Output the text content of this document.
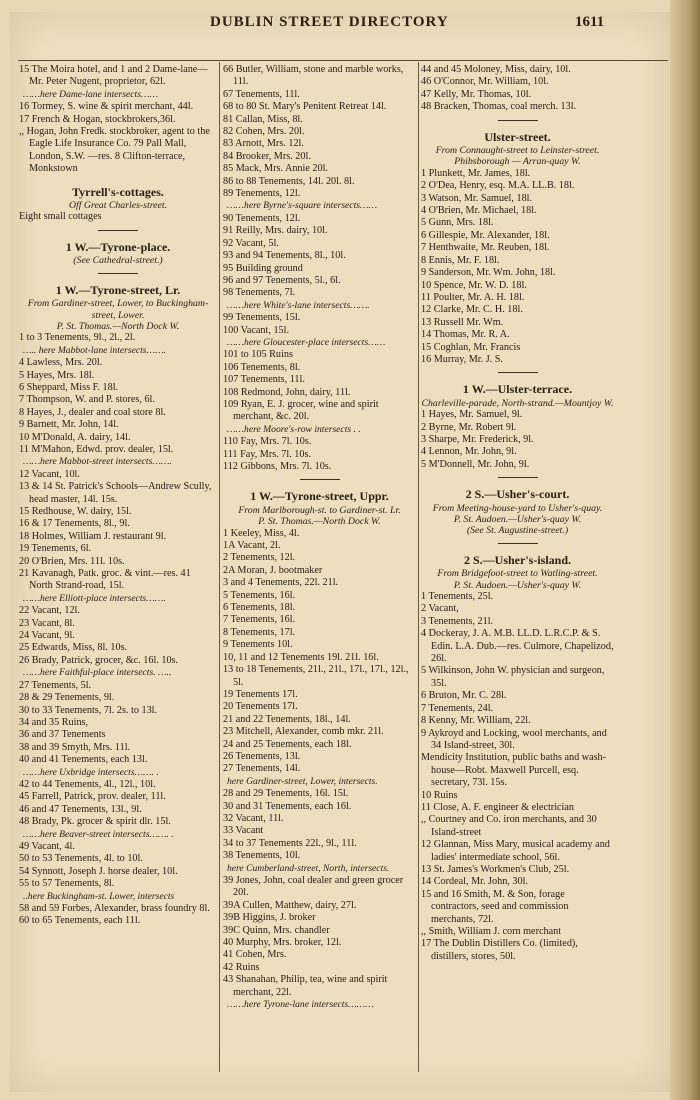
DUBLIN STREET DIRECTORY	1611
15 The Moira hotel, and 1 and 2 Dame-lane—Mr. Peter Nugent, proprietor, 62l.
……here Dame-lane intersects……
16 Tormey, S. wine & spirit merchant, 44l.
17 French & Hogan, stockbrokers,36l.
,, Hogan, John Fredk. stockbroker, agent to the Eagle Life Insurance Co. 79 Pall Mall, London, S.W. —res. 8 Clifton-terrace, Monkstown
Tyrrell's-cottages.
Off Great Charles-street.
Eight small cottages
1 W.—Tyrone-place.
(See Cathedral-street.)
1 W.—Tyrone-street, Lr.
From Gardiner-street, Lower, to Buckingham-street, Lower.
P. St. Thomas.—North Dock W.
1 to 3 Tenements, 9l., 2l., 2l.
….. here Mabbot-lane intersects…….
4 Lawless, Mrs. 20l.
5 Hayes, Mrs. 18l.
6 Sheppard, Miss F. 18l.
7 Thompson, W. and P. stores, 6l.
8 Hayes, J., dealer and coal store 8l.
9 Barnett, Mr. John, 14l.
10 M'Donald, A. dairy, 14l.
11 M'Mahon, Edwd. prov. dealer, 15l.
……here Mabbot-street intersects…….
12 Vacant, 10l.
13 & 14 St. Patrick's Schools—Andrew Scully, head master, 14l. 15s.
15 Redhouse, W. dairy, 15l.
16 & 17 Tenements, 8l., 9l.
18 Holmes, William J. restaurant 9l.
19 Tenements, 6l.
20 O'Brien, Mrs. 11l. 10s.
21 Kavanagh, Patk. groc. & vint.—res. 41 North Strand-road, 15l.
……here Elliott-place intersects…….
22 Vacant, 12l.
23 Vacant, 8l.
24 Vacant, 9l.
25 Edwards, Miss, 8l. 10s.
26 Brady, Patrick, grocer, &c. 16l. 10s.
……here Faithful-place intersects. …..
27 Tenements, 5l.
28 & 29 Tenements, 9l.
30 to 33 Tenements, 7l. 2s. to 13l.
34 and 35 Ruins,
36 and 37 Tenements
38 and 39 Smyth, Mrs. 11l.
40 and 41 Tenements, each 13l.
……here Uxbridge intersects……. .
42 to 44 Tenements, 4l., 12l., 10l.
45 Farrell, Patrick, prov. dealer, 11l.
46 and 47 Tenements, 13l., 9l.
48 Brady, Pk. grocer & spirit dlr. 15l.
……here Beaver-street intersects……. .
49 Vacant, 4l.
50 to 53 Tenements, 4l. to 10l.
54 Synnott, Joseph J. horse dealer, 10l.
55 to 57 Tenements, 8l.
..here Buckingham-st. Lower, intersects
58 and 59 Forbes, Alexander, brass foundry 8l.
60 to 65 Tenements, each 11l.
66 Butler, William, stone and marble works, 11l.
67 Tenements, 11l.
68 to 80 St. Mary's Penitent Retreat 14l.
81 Callan, Miss, 8l.
82 Cohen, Mrs. 20l.
83 Arnott, Mrs. 12l.
84 Brooker, Mrs. 20l.
85 Mack, Mrs. Annie 20l.
86 to 88 Tenements, 14l. 20l. 8l.
89 Tenements, 12l.
……here Byrne's-square intersects……
90 Tenements, 12l.
91 Reilly, Mrs. dairy, 10l.
92 Vacant, 5l.
93 and 94 Tenements, 8l., 10l.
95 Building ground
96 and 97 Tenements, 5l., 6l.
98 Tenements, 7l.
……here White's-lane intersects…….
99 Tenements, 15l.
100 Vacant, 15l.
……here Gloucester-place intersects……
101 to 105 Ruins
106 Tenements, 8l.
107 Tenements, 11l.
108 Redmond, John, dairy, 11l.
109 Ryan, E. J. grocer, wine and spirit merchant, &c. 20l.
……here Moore's-row intersects . .
110 Fay, Mrs. 7l. 10s.
111 Fay, Mrs. 7l. 10s.
112 Gibbons, Mrs. 7l. 10s.
1 W.—Tyrone-street, Uppr.
From Marlborough-st. to Gardiner-st. Lr.
P. St. Thomas.—North Dock W.
1 Keeley, Miss, 4l.
1A Vacant, 2l.
2 Tenements, 12l.
2A Moran, J. bootmaker
3 and 4 Tenements, 22l. 21l.
5 Tenements, 16l.
6 Tenements, 18l.
7 Tenements, 16l.
8 Tenements, 17l.
9 Tenements 10l.
10, 11 and 12 Tenements 19l. 21l. 16l.
13 to 18 Tenements, 21l., 21l., 17l., 17l., 12l., 5l.
19 Tenements 17l.
20 Tenements 17l.
21 and 22 Tenements, 18l., 14l.
23 Mitchell, Alexander, comb mkr. 21l.
24 and 25 Tenements, each 18l.
26 Tenements, 13l.
27 Tenements, 14l.
here Gardiner-street, Lower, intersects.
28 and 29 Tenements, 16l. 15l.
30 and 31 Tenements, each 16l.
32 Vacant, 11l.
33 Vacant
34 to 37 Tenements 22l., 9l., 11l.
38 Tenements, 10l.
here Cumberland-street, North, intersects.
39 Jones, John, coal dealer and green grocer 20l.
39A Cullen, Matthew, dairy, 27l.
39B Higgins, J. broker
39C Quinn, Mrs. chandler
40 Murphy, Mrs. broker, 12l.
41 Cohen, Mrs.
42 Ruins
43 Shanahan, Philip, tea, wine and spirit merchant, 22l.
……here Tyrone-lane intersects………
44 and 45 Moloney, Miss, dairy, 10l.
46 O'Connor, Mr. William, 10l.
47 Kelly, Mr. Thomas, 10l.
48 Bracken, Thomas, coal merch. 13l.
Ulster-street.
From Connaught-street to Leinster-street.
Phibsborough — Arran-quay W.
1 Plunkett, Mr. James, 18l.
2 O'Dea, Henry, esq. M.A. LL.B. 18l.
3 Watson, Mr. Samuel, 18l.
4 O'Brien, Mr. Michael, 18l.
5 Gunn, Mrs. 18l.
6 Gillespie, Mr. Alexander, 18l.
7 Henthwaite, Mr. Reuben, 18l.
8 Ennis, Mr. F. 18l.
9 Sanderson, Mr. Wm. John, 18l.
10 Spence, Mr. W. D. 18l.
11 Poulter, Mr. A. H. 18l.
12 Clarke, Mr. C. H. 18l.
13 Russell Mr. Wm.
14 Thomas, Mr. R. A.
15 Coghlan, Mr. Francis
16 Murray, Mr. J. S.
1 W.—Ulster-terrace.
Charleville-parade, North-strand.—Mountjoy W.
1 Hayes, Mr. Samuel, 9l.
2 Byrne, Mr. Robert 9l.
3 Sharpe, Mr. Frederick, 9l.
4 Lennon, Mr. John, 9l.
5 M'Donnell, Mr. John, 9l.
2 S.—Usher's-court.
From Meeting-house-yard to Usher's-quay.
P. St. Audoen.—Usher's-quay W.
(See St. Augustine-street.)
2 S.—Usher's-island.
From Bridgefoot-street to Watling-street.
P. St. Audoen.—Usher's-quay W.
1 Tenements, 25l.
2 Vacant,
3 Tenements, 21l.
4 Dockeray, J. A. M.B. LL.D. L.R.C.P. & S. Edin. L.A. Dub.—res. Culmore, Chapelizod, 26l.
5 Wilkinson, John W. physician and surgeon, 35l.
6 Bruton, Mr. C. 28l.
7 Tenements, 24l.
8 Kenny, Mr. William, 22l.
9 Aykroyd and Locking, wool merchants, and 34 Island-street, 30l.
Mendicity Institution, public baths and wash-house—Robt. Maxwell Purcell, esq. secretary, 73l. 15s.
10 Ruins
11 Close, A. F. engineer & electrician
,, Courtney and Co. iron merchants, and 30 Island-street
12 Glannan, Miss Mary, musical academy and ladies' intermediate school, 56l.
13 St. James's Workmen's Club, 25l.
14 Cordeal, Mr. John, 30l.
15 and 16 Smith, M. & Son, forage contractors, seed and commission merchants, 72l.
,, Smith, William J. corn merchant
17 The Dublin Distillers Co. (limited), distillers, stores, 50l.
